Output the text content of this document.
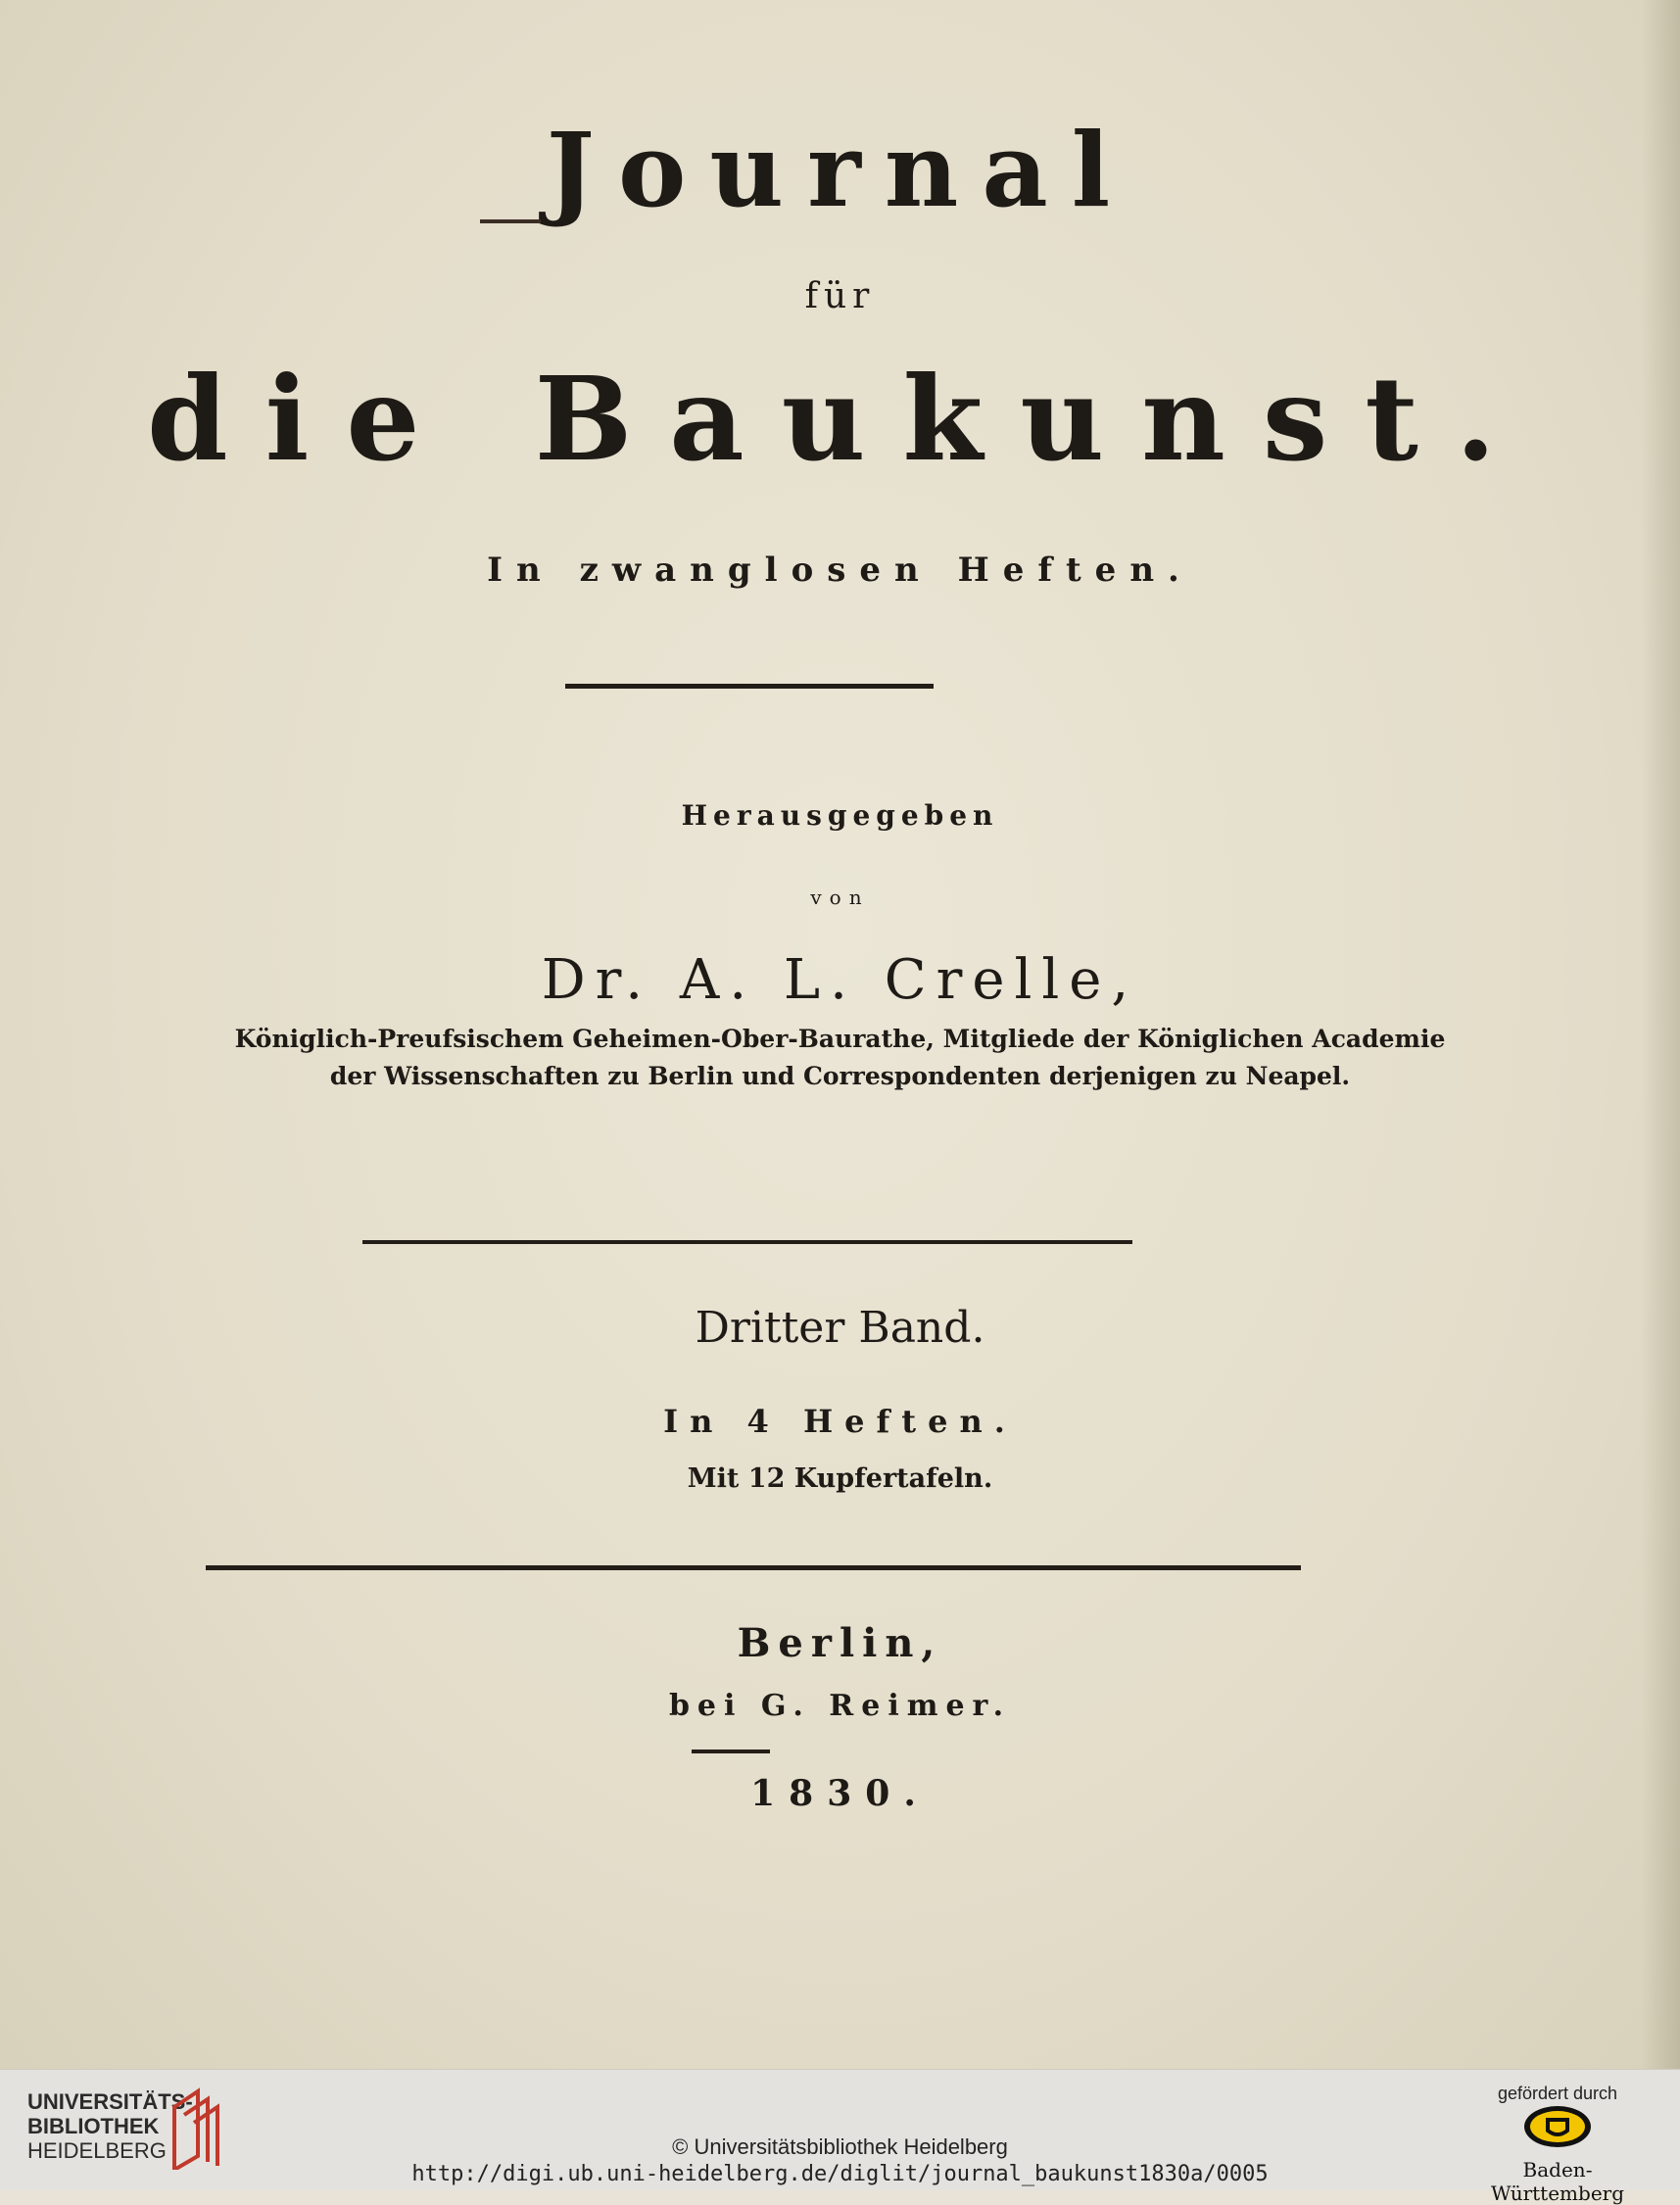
Journal
für
die Baukunst.
In zwanglosen Heften.
Herausgegeben
von
Dr. A. L. Crelle,
Königlich-Preufsischem Geheimen-Ober-Baurathe, Mitgliede der Königlichen Academie
der Wissenschaften zu Berlin und Correspondenten derjenigen zu Neapel.
Dritter Band.
In 4 Heften.
Mit 12 Kupfertafeln.
Berlin,
bei G. Reimer.
1830.
UNIVERSITÄTS-
BIBLIOTHEK
HEIDELBERG	© Universitätsbibliothek Heidelberg
http://digi.ub.uni-heidelberg.de/diglit/journal_baukunst1830a/0005
gefördert durch
Baden-Württemberg
